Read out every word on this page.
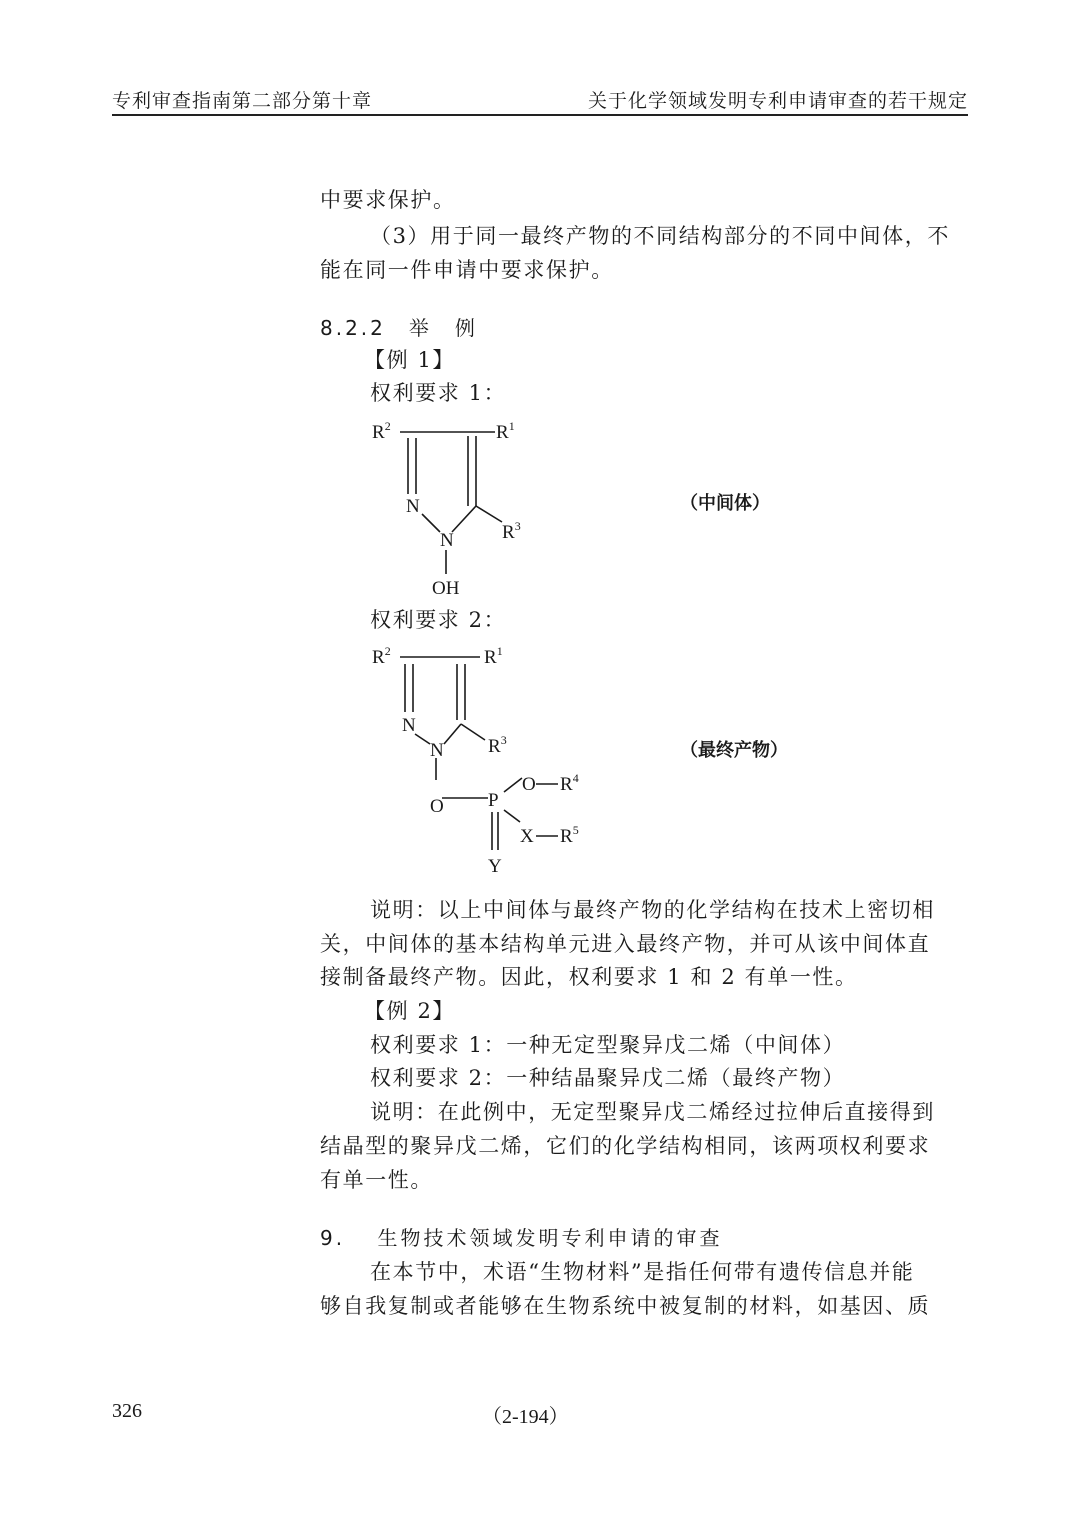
专利审查指南第二部分第十章	关于化学领域发明专利申请审查的若干规定
中要求保护。
（3）用于同一最终产物的不同结构部分的不同中间体，不
能在同一件申请中要求保护。
8.2.2　举　例
【例 1】
权利要求 1：
$R^2$	$R^1$
N
N	$R^3$
OH
（中间体）
权利要求 2：
$R^2$	$R^1$
N
N $R^3$
O P
O $R^4$
X $R^5$
Y
（最终产物）
说明：以上中间体与最终产物的化学结构在技术上密切相
关，中间体的基本结构单元进入最终产物，并可从该中间体直
接制备最终产物。因此，权利要求 1 和 2 有单一性。
【例 2】
权利要求 1：一种无定型聚异戊二烯（中间体）
权利要求 2：一种结晶聚异戊二烯（最终产物）
说明：在此例中，无定型聚异戊二烯经过拉伸后直接得到
结晶型的聚异戊二烯，它们的化学结构相同，该两项权利要求
有单一性。
9.　 生物技术领域发明专利申请的审查
在本节中，术语“生物材料”是指任何带有遗传信息并能
够自我复制或者能够在生物系统中被复制的材料，如基因、质
326	（2-194）
